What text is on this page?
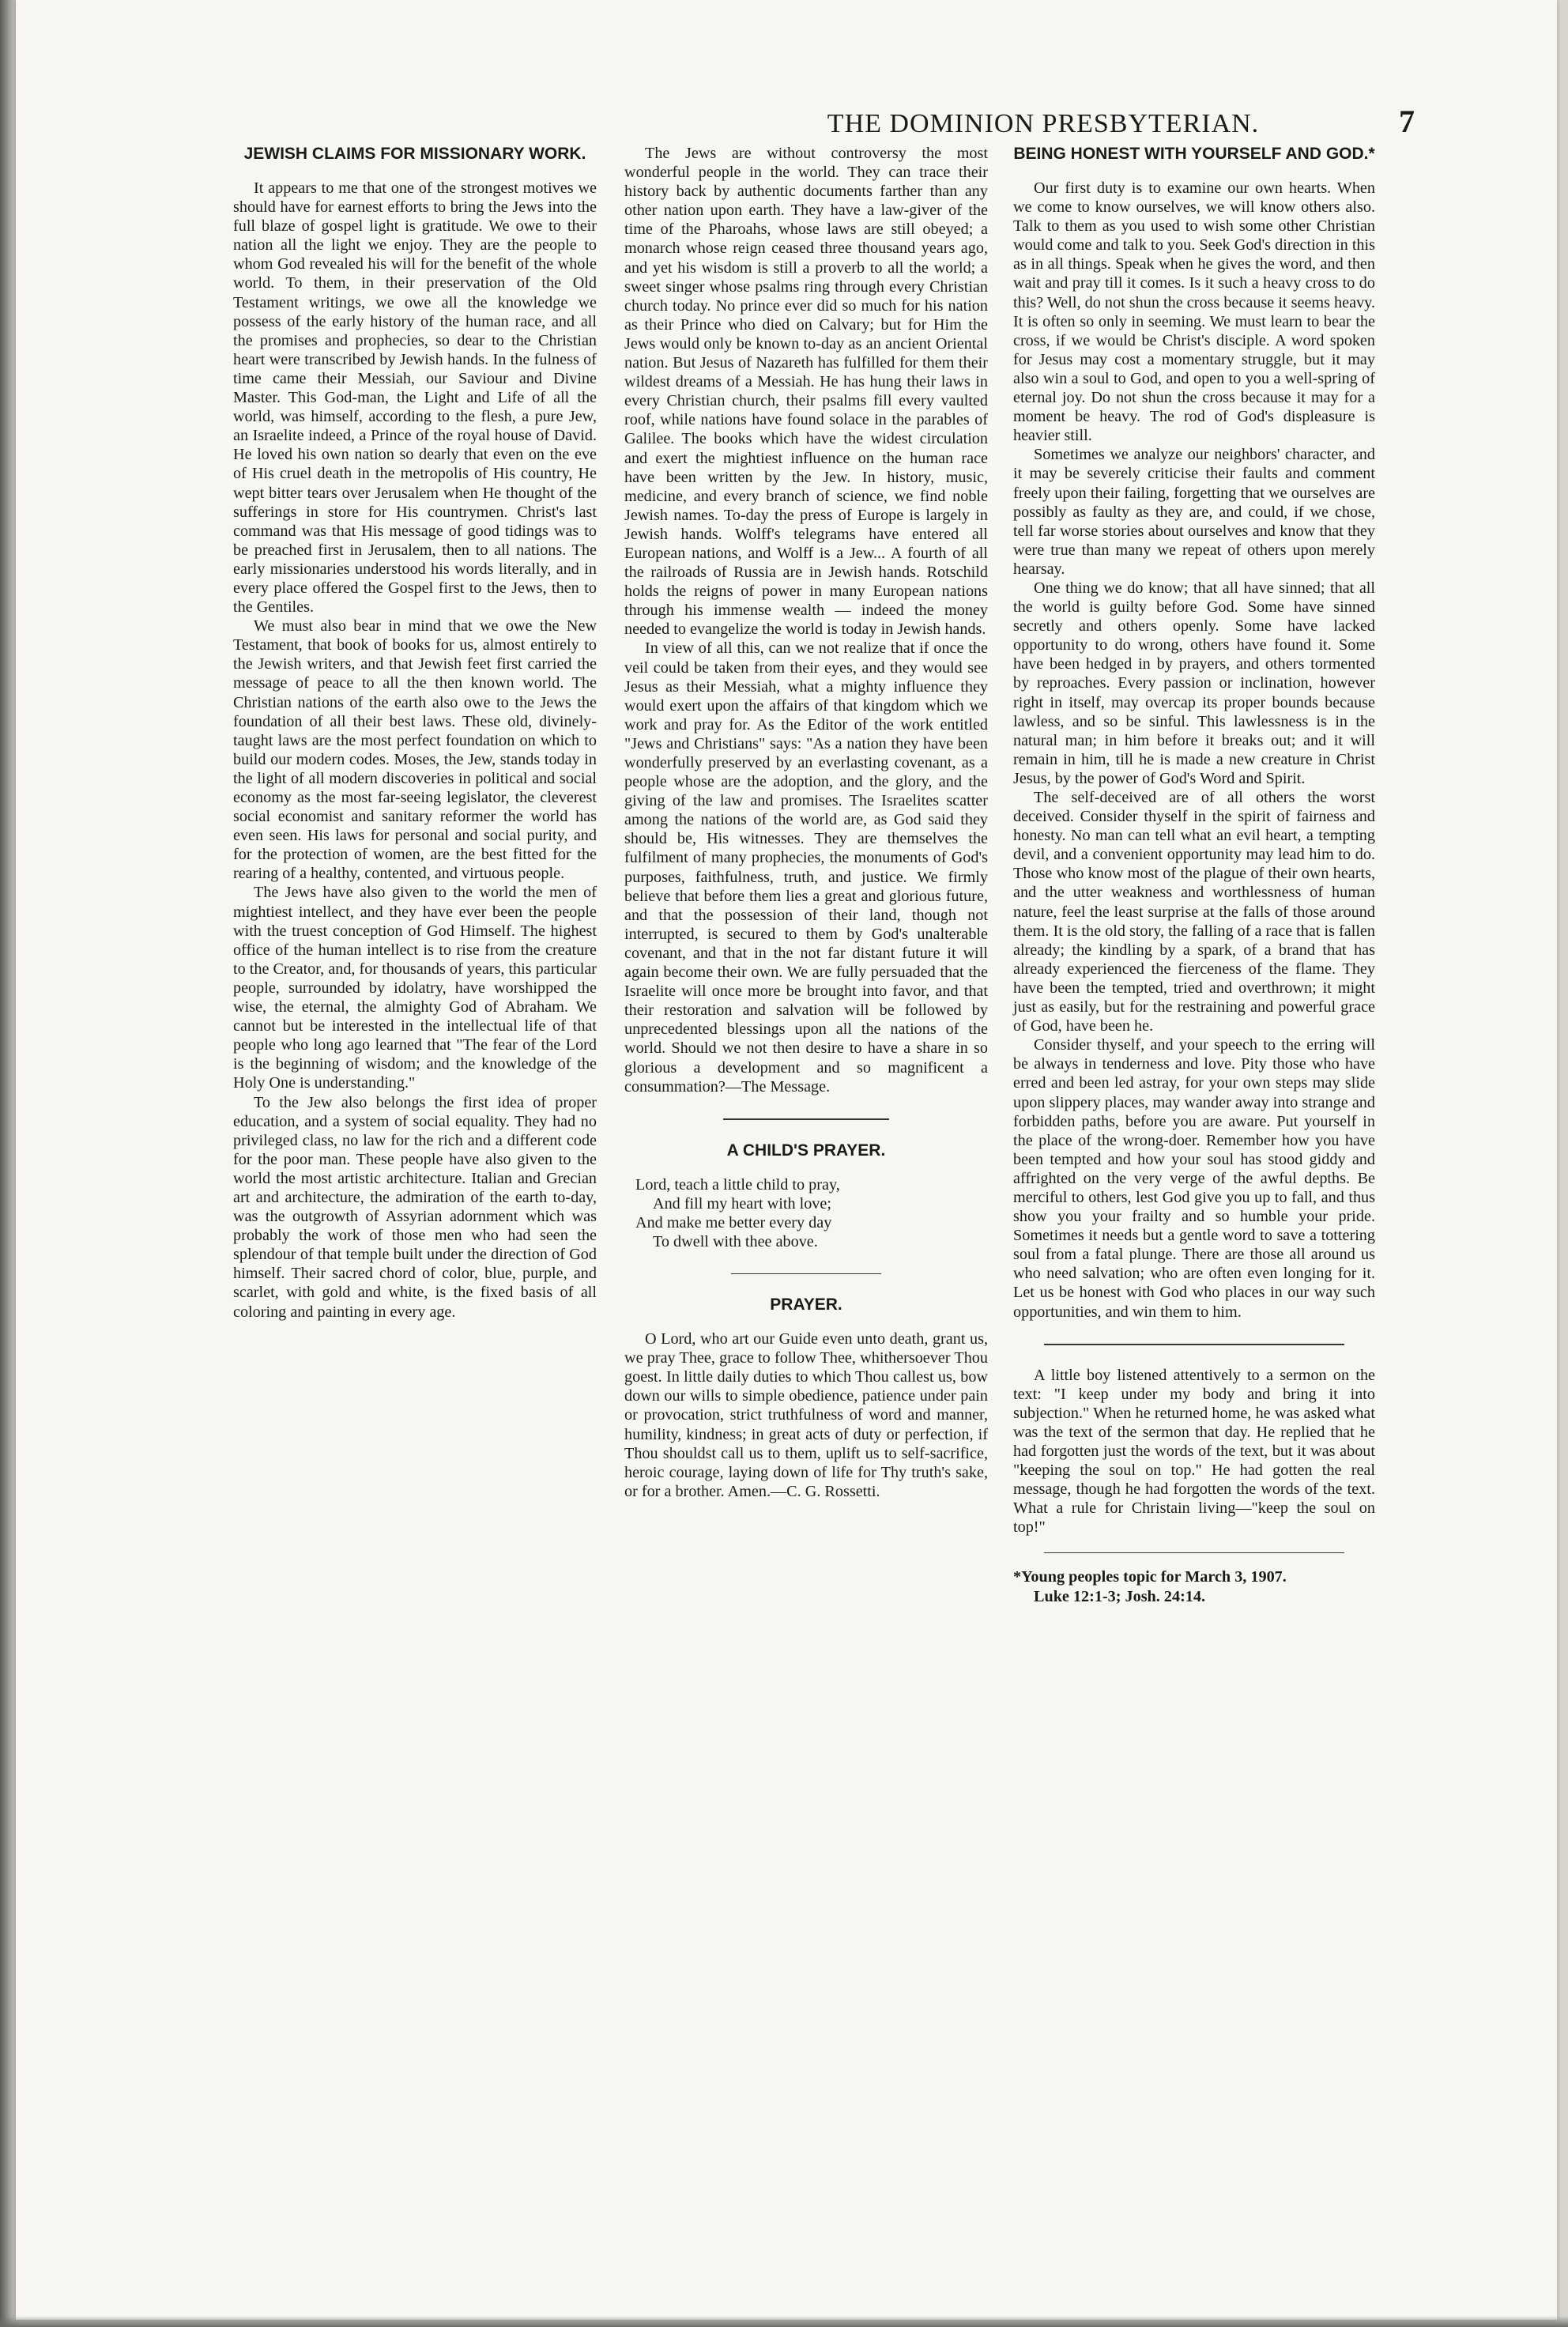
THE DOMINION PRESBYTERIAN.	7
JEWISH CLAIMS FOR MISSIONARY WORK.

It appears to me that one of the strongest motives we should have for earnest efforts to bring the Jews into the full blaze of gospel light is gratitude. We owe to their nation all the light we enjoy. They are the people to whom God revealed his will for the benefit of the whole world. To them, in their preservation of the Old Testament writings, we owe all the knowledge we possess of the early history of the human race, and all the promises and prophecies, so dear to the Christian heart were transcribed by Jewish hands. In the fulness of time came their Messiah, our Saviour and Divine Master. This God-man, the Light and Life of all the world, was himself, according to the flesh, a pure Jew, an Israelite indeed, a Prince of the royal house of David. He loved his own nation so dearly that even on the eve of His cruel death in the metropolis of His country, He wept bitter tears over Jerusalem when He thought of the sufferings in store for His countrymen. Christ's last command was that His message of good tidings was to be preached first in Jerusalem, then to all nations. The early missionaries understood his words literally, and in every place offered the Gospel first to the Jews, then to the Gentiles.

We must also bear in mind that we owe the New Testament, that book of books for us, almost entirely to the Jewish writers, and that Jewish feet first carried the message of peace to all the then known world. The Christian nations of the earth also owe to the Jews the foundation of all their best laws. These old, divinely-taught laws are the most perfect foundation on which to build our modern codes. Moses, the Jew, stands today in the light of all modern discoveries in political and social economy as the most far-seeing legislator, the cleverest social economist and sanitary reformer the world has even seen. His laws for personal and social purity, and for the protection of women, are the best fitted for the rearing of a healthy, contented, and virtuous people.

The Jews have also given to the world the men of mightiest intellect, and they have ever been the people with the truest conception of God Himself. The highest office of the human intellect is to rise from the creature to the Creator, and, for thousands of years, this particular people, surrounded by idolatry, have worshipped the wise, the eternal, the almighty God of Abraham. We cannot but be interested in the intellectual life of that people who long ago learned that "The fear of the Lord is the beginning of wisdom; and the knowledge of the Holy One is understanding."

To the Jew also belongs the first idea of proper education, and a system of social equality. They had no privileged class, no law for the rich and a different code for the poor man. These people have also given to the world the most artistic architecture. Italian and Grecian art and architecture, the admiration of the earth to-day, was the outgrowth of Assyrian adornment which was probably the work of those men who had seen the splendour of that temple built under the direction of God himself. Their sacred chord of color, blue, purple, and scarlet, with gold and white, is the fixed basis of all coloring and painting in every age.

The Jews are without controversy the most wonderful people in the world. They can trace their history back by authentic documents farther than any other nation upon earth. They have a law-giver of the time of the Pharoahs, whose laws are still obeyed; a monarch whose reign ceased three thousand years ago, and yet his wisdom is still a proverb to all the world; a sweet singer whose psalms ring through every Christian church today. No prince ever did so much for his nation as their Prince who died on Calvary; but for Him the Jews would only be known to-day as an ancient Oriental nation. But Jesus of Nazareth has fulfilled for them their wildest dreams of a Messiah. He has hung their laws in every Christian church, their psalms fill every vaulted roof, while nations have found solace in the parables of Galilee. The books which have the widest circulation and exert the mightiest influence on the human race have been written by the Jew. In history, music, medicine, and every branch of science, we find noble Jewish names. To-day the press of Europe is largely in Jewish hands. Wolff's telegrams have entered all European nations, and Wolff is a Jew... A fourth of all the railroads of Russia are in Jewish hands. Rotschild holds the reigns of power in many European nations through his immense wealth — indeed the money needed to evangelize the world is today in Jewish hands.

In view of all this, can we not realize that if once the veil could be taken from their eyes, and they would see Jesus as their Messiah, what a mighty influence they would exert upon the affairs of that kingdom which we work and pray for. As the Editor of the work entitled "Jews and Christians" says: "As a nation they have been wonderfully preserved by an everlasting covenant, as a people whose are the adoption, and the glory, and the giving of the law and promises. The Israelites scatter among the nations of the world are, as God said they should be, His witnesses. They are themselves the fulfilment of many prophecies, the monuments of God's purposes, faithfulness, truth, and justice. We firmly believe that before them lies a great and glorious future, and that the possession of their land, though not interrupted, is secured to them by God's unalterable covenant, and that in the not far distant future it will again become their own. We are fully persuaded that the Israelite will once more be brought into favor, and that their restoration and salvation will be followed by unprecedented blessings upon all the nations of the world. Should we not then desire to have a share in so glorious a development and so magnificent a consummation?—The Message.

A CHILD'S PRAYER.
Lord, teach a little child to pray,
And fill my heart with love;
And make me better every day
To dwell with thee above.
PRAYER.

O Lord, who art our Guide even unto death, grant us, we pray Thee, grace to follow Thee, whithersoever Thou goest. In little daily duties to which Thou callest us, bow down our wills to simple obedience, patience under pain or provocation, strict truthfulness of word and manner, humility, kindness; in great acts of duty or perfection, if Thou shouldst call us to them, uplift us to self-sacrifice, heroic courage, laying down of life for Thy truth's sake, or for a brother. Amen.—C. G. Rossetti.

BEING HONEST WITH YOURSELF AND GOD.*

Our first duty is to examine our own hearts. When we come to know ourselves, we will know others also. Talk to them as you used to wish some other Christian would come and talk to you. Seek God's direction in this as in all things. Speak when he gives the word, and then wait and pray till it comes. Is it such a heavy cross to do this? Well, do not shun the cross because it seems heavy. It is often so only in seeming. We must learn to bear the cross, if we would be Christ's disciple. A word spoken for Jesus may cost a momentary struggle, but it may also win a soul to God, and open to you a well-spring of eternal joy. Do not shun the cross because it may for a moment be heavy. The rod of God's displeasure is heavier still.

Sometimes we analyze our neighbors' character, and it may be severely criticise their faults and comment freely upon their failing, forgetting that we ourselves are possibly as faulty as they are, and could, if we chose, tell far worse stories about ourselves and know that they were true than many we repeat of others upon merely hearsay.

One thing we do know; that all have sinned; that all the world is guilty before God. Some have sinned secretly and others openly. Some have lacked opportunity to do wrong, others have found it. Some have been hedged in by prayers, and others tormented by reproaches. Every passion or inclination, however right in itself, may overcap its proper bounds because lawless, and so be sinful. This lawlessness is in the natural man; in him before it breaks out; and it will remain in him, till he is made a new creature in Christ Jesus, by the power of God's Word and Spirit.

The self-deceived are of all others the worst deceived. Consider thyself in the spirit of fairness and honesty. No man can tell what an evil heart, a tempting devil, and a convenient opportunity may lead him to do. Those who know most of the plague of their own hearts, and the utter weakness and worthlessness of human nature, feel the least surprise at the falls of those around them. It is the old story, the falling of a race that is fallen already; the kindling by a spark, of a brand that has already experienced the fierceness of the flame. They have been the tempted, tried and overthrown; it might just as easily, but for the restraining and powerful grace of God, have been he.

Consider thyself, and your speech to the erring will be always in tenderness and love. Pity those who have erred and been led astray, for your own steps may slide upon slippery places, may wander away into strange and forbidden paths, before you are aware. Put yourself in the place of the wrong-doer. Remember how you have been tempted and how your soul has stood giddy and affrighted on the very verge of the awful depths. Be merciful to others, lest God give you up to fall, and thus show you your frailty and so humble your pride. Sometimes it needs but a gentle word to save a tottering soul from a fatal plunge. There are those all around us who need salvation; who are often even longing for it. Let us be honest with God who places in our way such opportunities, and win them to him.

A little boy listened attentively to a sermon on the text: "I keep under my body and bring it into subjection." When he returned home, he was asked what was the text of the sermon that day. He replied that he had forgotten just the words of the text, but it was about "keeping the soul on top." He had gotten the real message, though he had forgotten the words of the text. What a rule for Christain living—"keep the soul on top!"

*Young peoples topic for March 3, 1907.
Luke 12:1-3; Josh. 24:14.
